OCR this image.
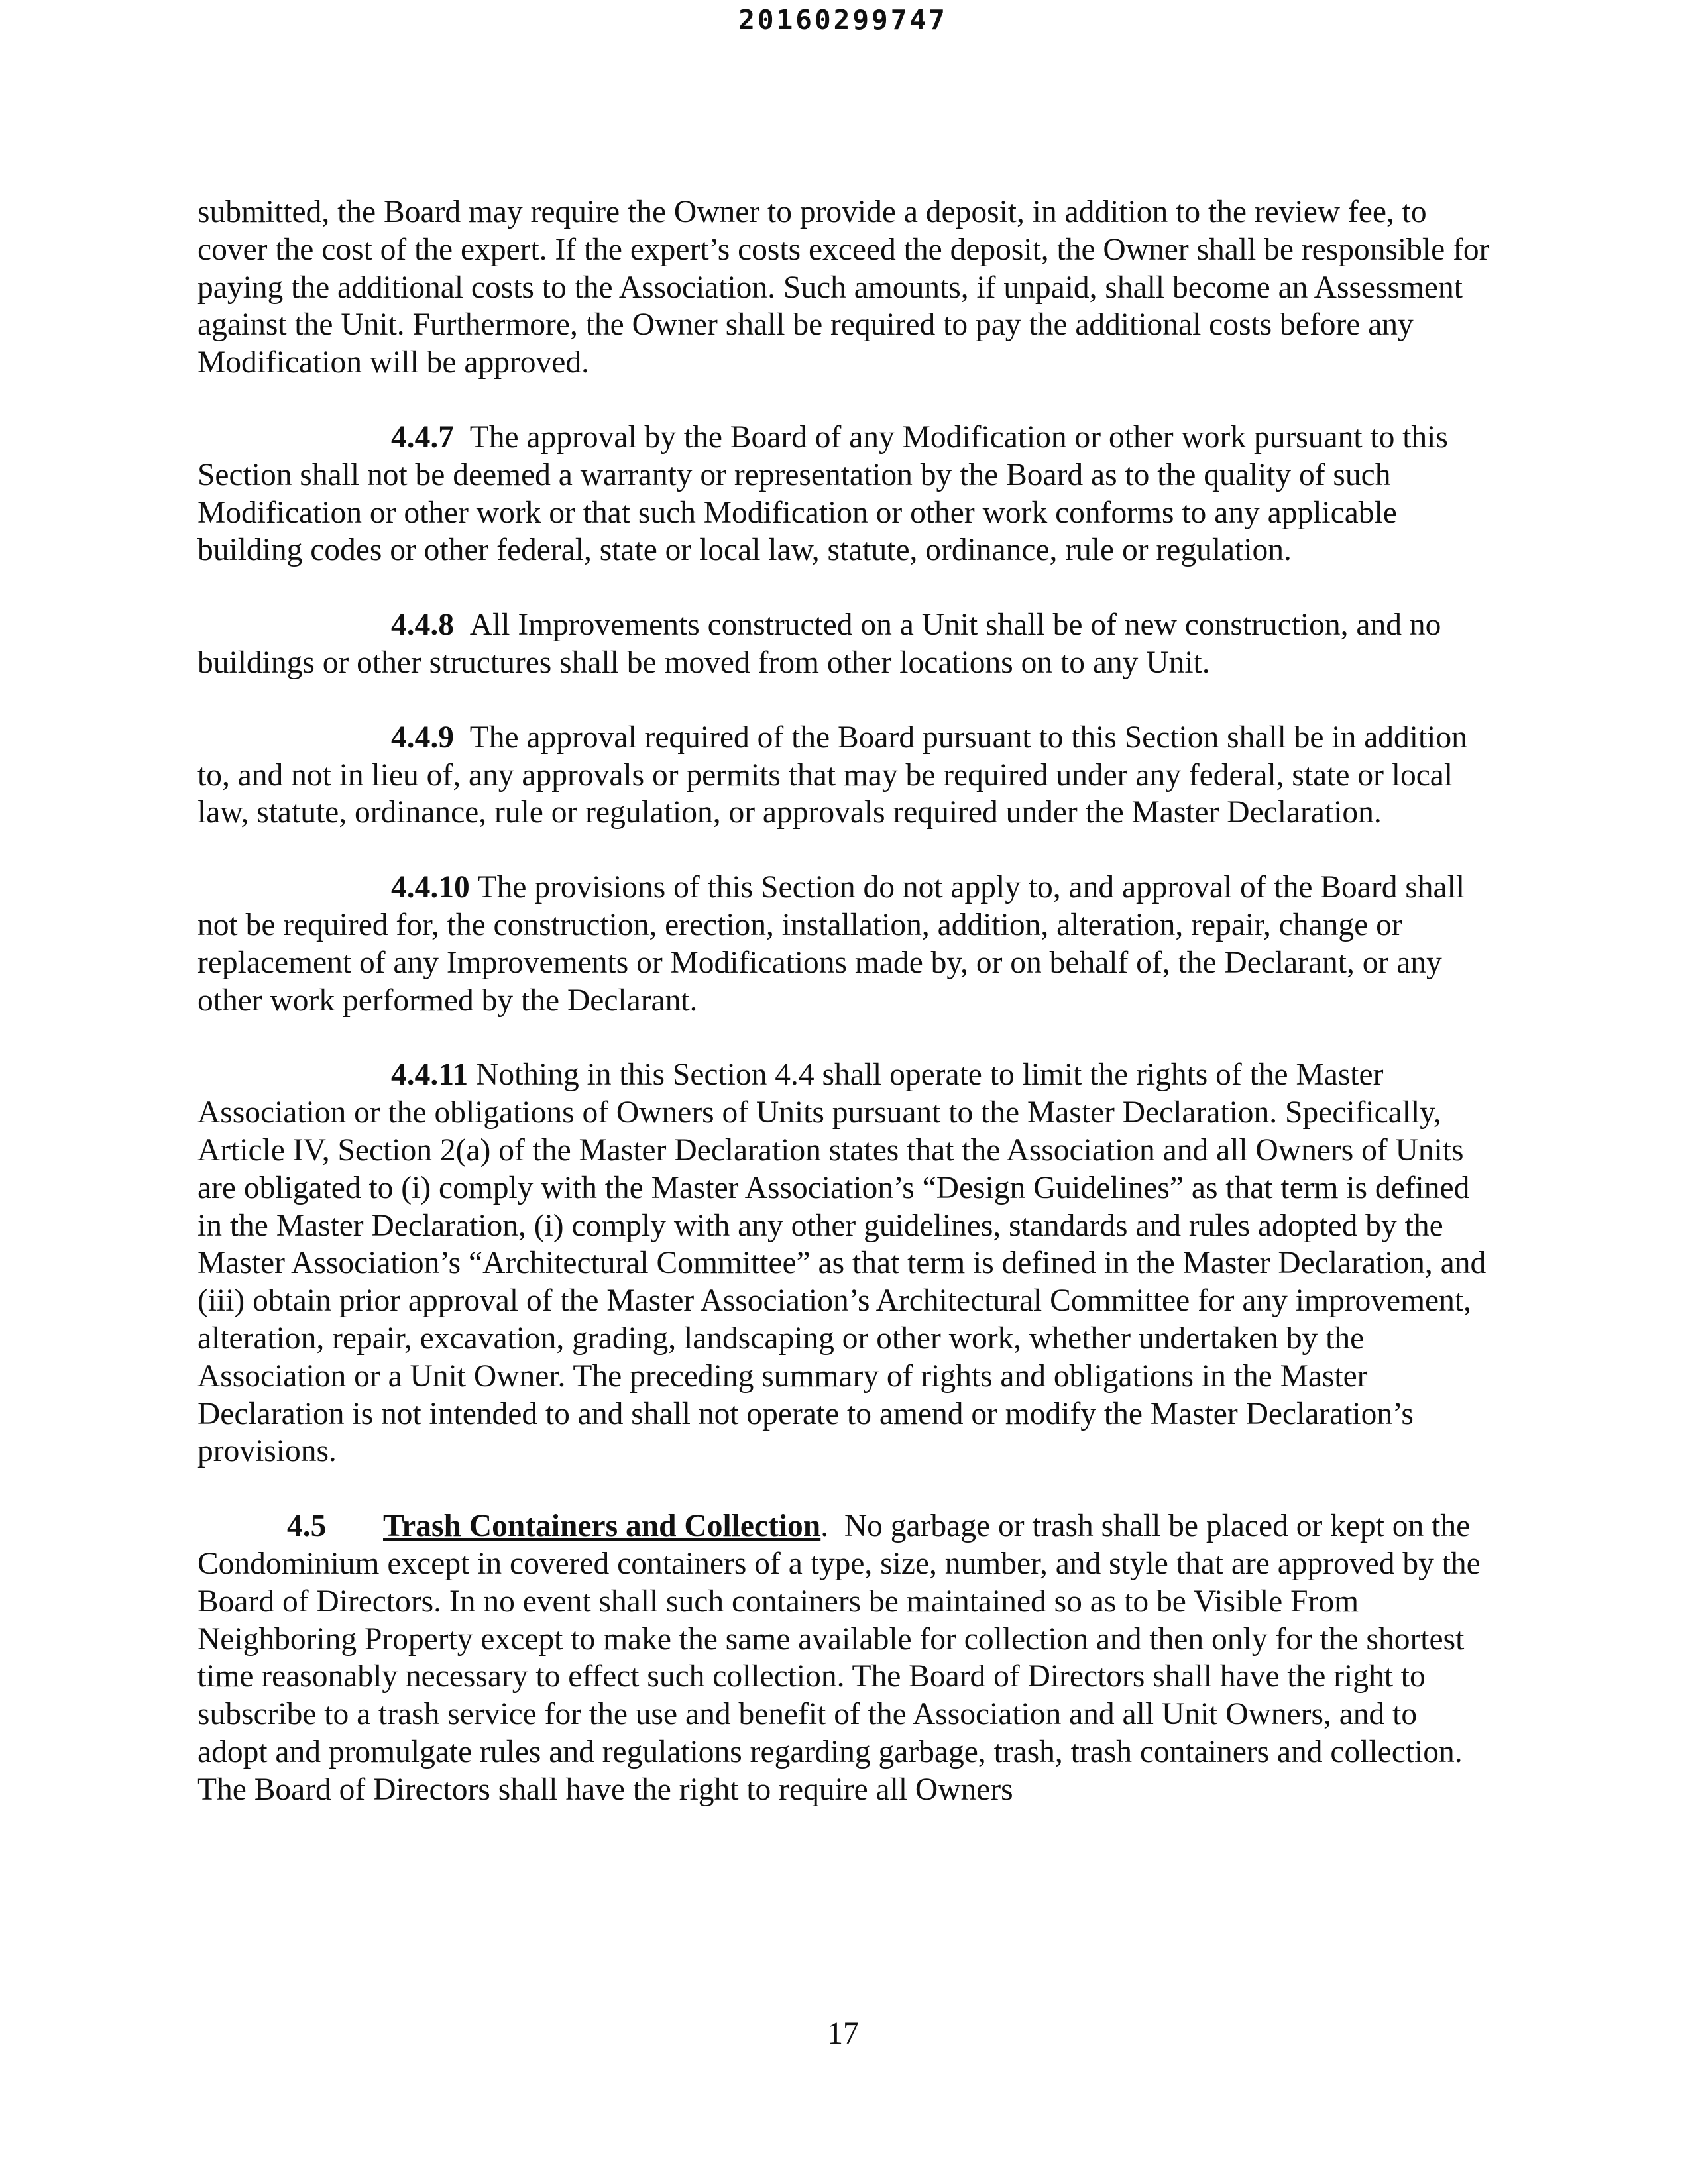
20160299747

submitted, the Board may require the Owner to provide a deposit, in addition to the review fee, to cover the cost of the expert. If the expert’s costs exceed the deposit, the Owner shall be responsible for paying the additional costs to the Association. Such amounts, if unpaid, shall become an Assessment against the Unit. Furthermore, the Owner shall be required to pay the additional costs before any Modification will be approved.

4.4.7 The approval by the Board of any Modification or other work pursuant to this Section shall not be deemed a warranty or representation by the Board as to the quality of such Modification or other work or that such Modification or other work conforms to any applicable building codes or other federal, state or local law, statute, ordinance, rule or regulation.

4.4.8 All Improvements constructed on a Unit shall be of new construction, and no buildings or other structures shall be moved from other locations on to any Unit.

4.4.9 The approval required of the Board pursuant to this Section shall be in addition to, and not in lieu of, any approvals or permits that may be required under any federal, state or local law, statute, ordinance, rule or regulation, or approvals required under the Master Declaration.

4.4.10 The provisions of this Section do not apply to, and approval of the Board shall not be required for, the construction, erection, installation, addition, alteration, repair, change or replacement of any Improvements or Modifications made by, or on behalf of, the Declarant, or any other work performed by the Declarant.

4.4.11 Nothing in this Section 4.4 shall operate to limit the rights of the Master Association or the obligations of Owners of Units pursuant to the Master Declaration. Specifically, Article IV, Section 2(a) of the Master Declaration states that the Association and all Owners of Units are obligated to (i) comply with the Master Association’s “Design Guidelines” as that term is defined in the Master Declaration, (i) comply with any other guidelines, standards and rules adopted by the Master Association’s “Architectural Committee” as that term is defined in the Master Declaration, and (iii) obtain prior approval of the Master Association’s Architectural Committee for any improvement, alteration, repair, excavation, grading, landscaping or other work, whether undertaken by the Association or a Unit Owner. The preceding summary of rights and obligations in the Master Declaration is not intended to and shall not operate to amend or modify the Master Declaration’s provisions.

4.5 Trash Containers and Collection. No garbage or trash shall be placed or kept on the Condominium except in covered containers of a type, size, number, and style that are approved by the Board of Directors. In no event shall such containers be maintained so as to be Visible From Neighboring Property except to make the same available for collection and then only for the shortest time reasonably necessary to effect such collection. The Board of Directors shall have the right to subscribe to a trash service for the use and benefit of the Association and all Unit Owners, and to adopt and promulgate rules and regulations regarding garbage, trash, trash containers and collection. The Board of Directors shall have the right to require all Owners

17
